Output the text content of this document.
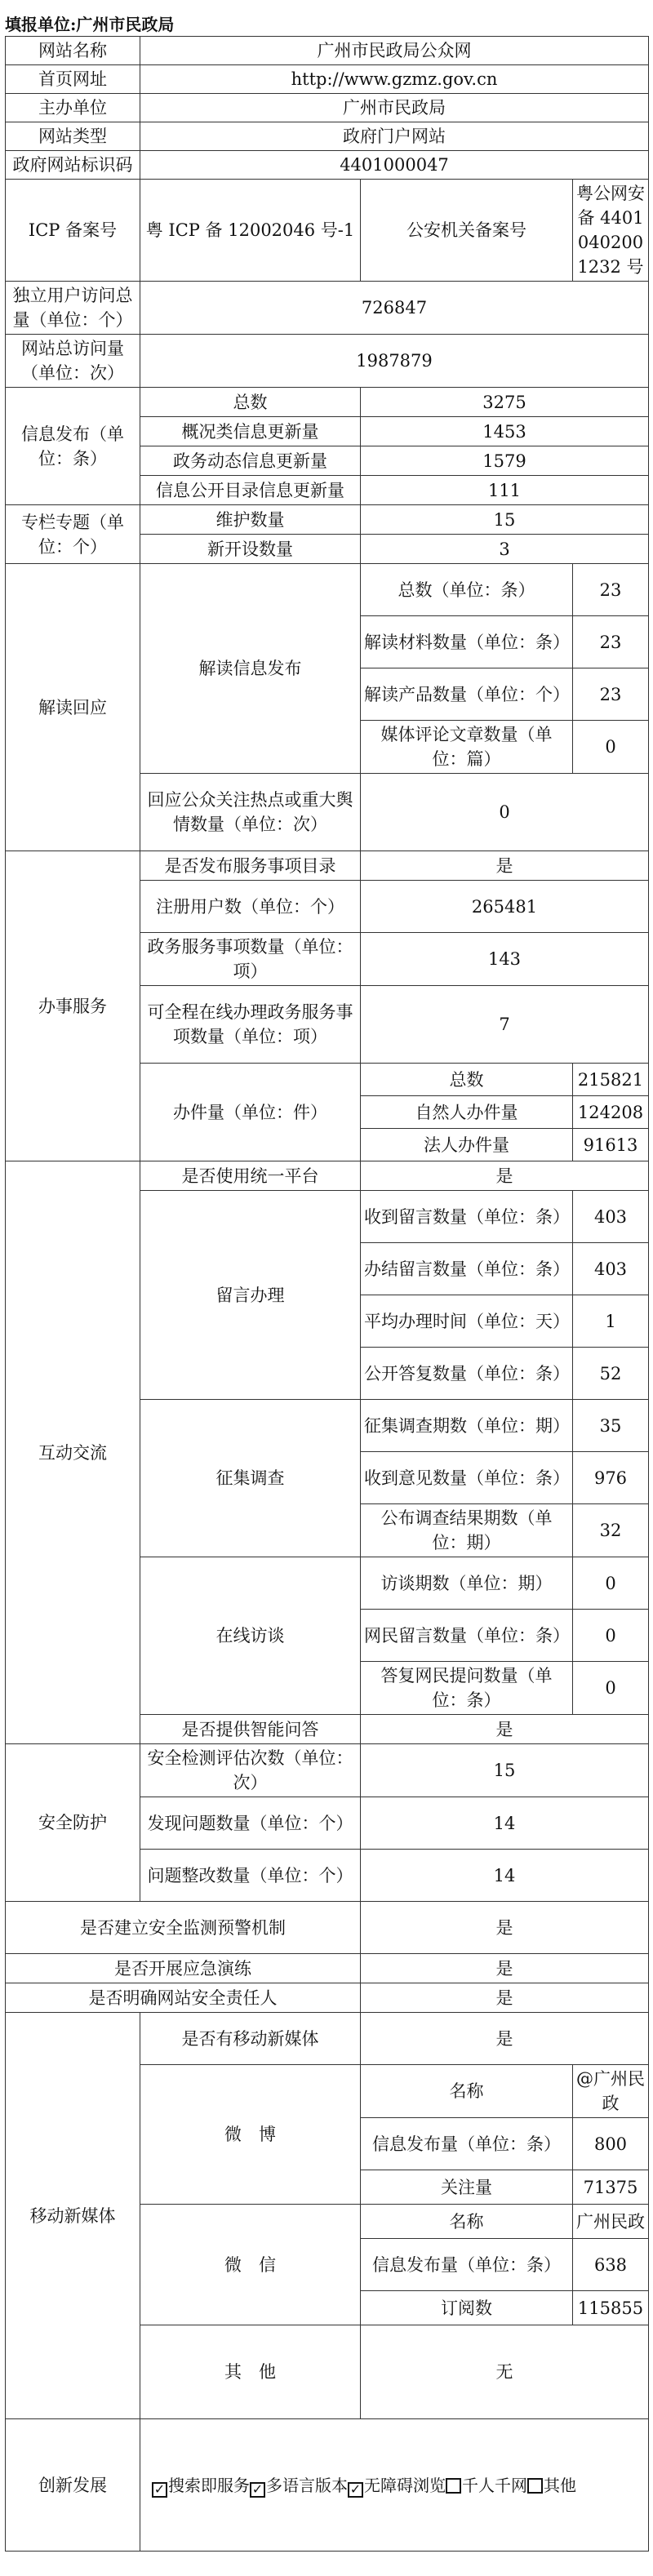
填报单位:广州市民政局
网站名称	广州市民政局公众网		
首页网址	http://www.gzmz.gov.cn		
主办单位	广州市民政局		
网站类型	政府门户网站		
政府网站标识码	4401000047		
ICP 备案号	粤 ICP 备 12002046 号-1	公安机关备案号	粤公网安备 44010402001232 号
独立用户访问总量（单位：个）	726847		
网站总访问量（单位：次）	1987879		
信息发布（单位：条）	总数	3275	
	概况类信息更新量	1453	
	政务动态信息更新量	1579	
	信息公开目录信息更新量	111	
专栏专题（单位：个）	维护数量	15	
	新开设数量	3	
解读回应	解读信息发布	总数（单位：条）	23
		解读材料数量（单位：条）	23
		解读产品数量（单位：个）	23
		媒体评论文章数量（单位：篇）	0
	回应公众关注热点或重大舆情数量（单位：次）	0	
办事服务	是否发布服务事项目录	是	
	注册用户数（单位：个）	265481	
	政务服务事项数量（单位：项）	143	
	可全程在线办理政务服务事项数量（单位：项）	7	
	办件量（单位：件）	总数	215821
		自然人办件量	124208
		法人办件量	91613
互动交流	是否使用统一平台	是	
	留言办理	收到留言数量（单位：条）	403
		办结留言数量（单位：条）	403
		平均办理时间（单位：天）	1
		公开答复数量（单位：条）	52
	征集调查	征集调查期数（单位：期）	35
		收到意见数量（单位：条）	976
		公布调查结果期数（单位：期）	32
	在线访谈	访谈期数（单位：期）	0
		网民留言数量（单位：条）	0
		答复网民提问数量（单位：条）	0
	是否提供智能问答	是	
安全防护	安全检测评估次数（单位：次）	15	
	发现问题数量（单位：个）	14	
	问题整改数量（单位：个）	14	
是否建立安全监测预警机制		是	
是否开展应急演练		是	
是否明确网站安全责任人		是	
移动新媒体	是否有移动新媒体	是	
	微　博	名称	@广州民政
		信息发布量（单位：条）	800
		关注量	71375
	微　信	名称	广州民政
		信息发布量（单位：条）	638
		订阅数	115855
	其　他	无	
创新发展	✓ 搜索即服务 ✓ 多语言版本 ✓ 无障碍浏览 千人千网 其他		
